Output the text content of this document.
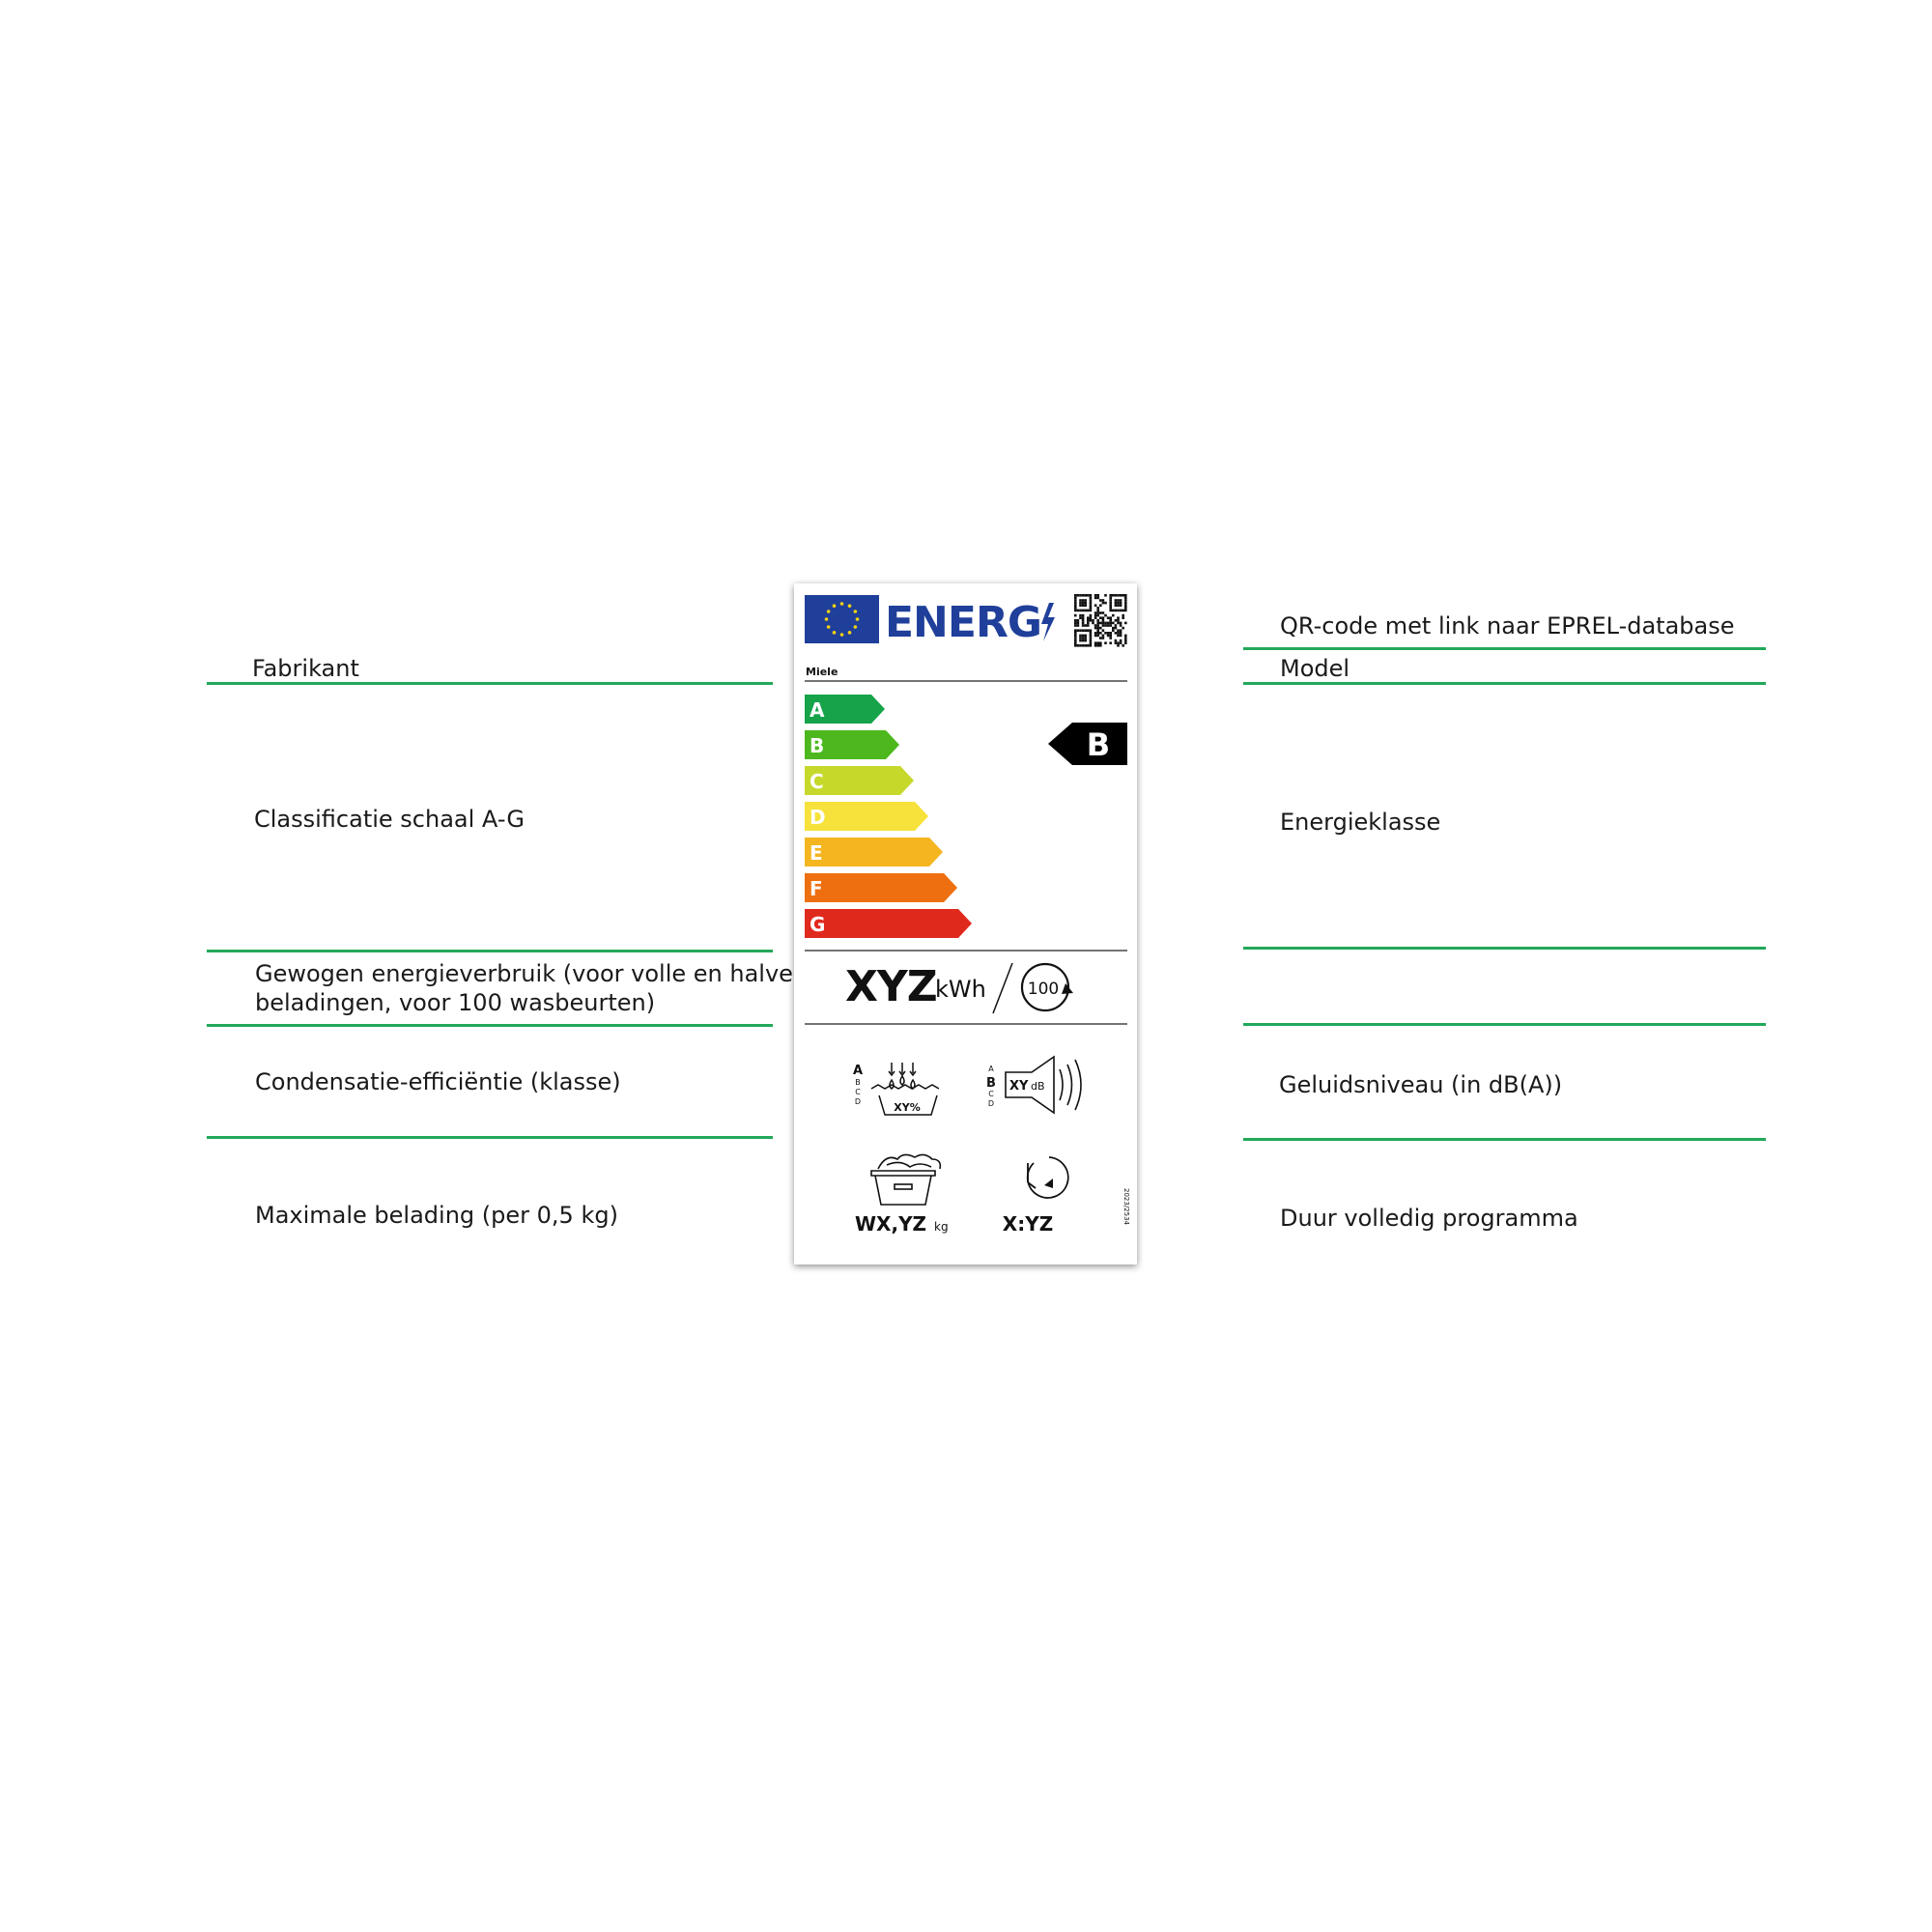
Fabrikant
Classificatie schaal A-G
Gewogen energieverbruik (voor volle en halve
beladingen, voor 100 wasbeurten)
Condensatie-efficiëntie (klasse)
Maximale belading (per 0,5 kg)
QR-code met link naar EPREL-database
Model
Energieklasse
Geluidsniveau (in dB(A))
Duur volledig programma
ENERG
Miele
A
B
C
D
E
F
G
B
XYZ
kWh	100
A
B
C
D	XY%
A
B
C
D
XY dB
WX,YZ kg	X:YZ	2023/2534
